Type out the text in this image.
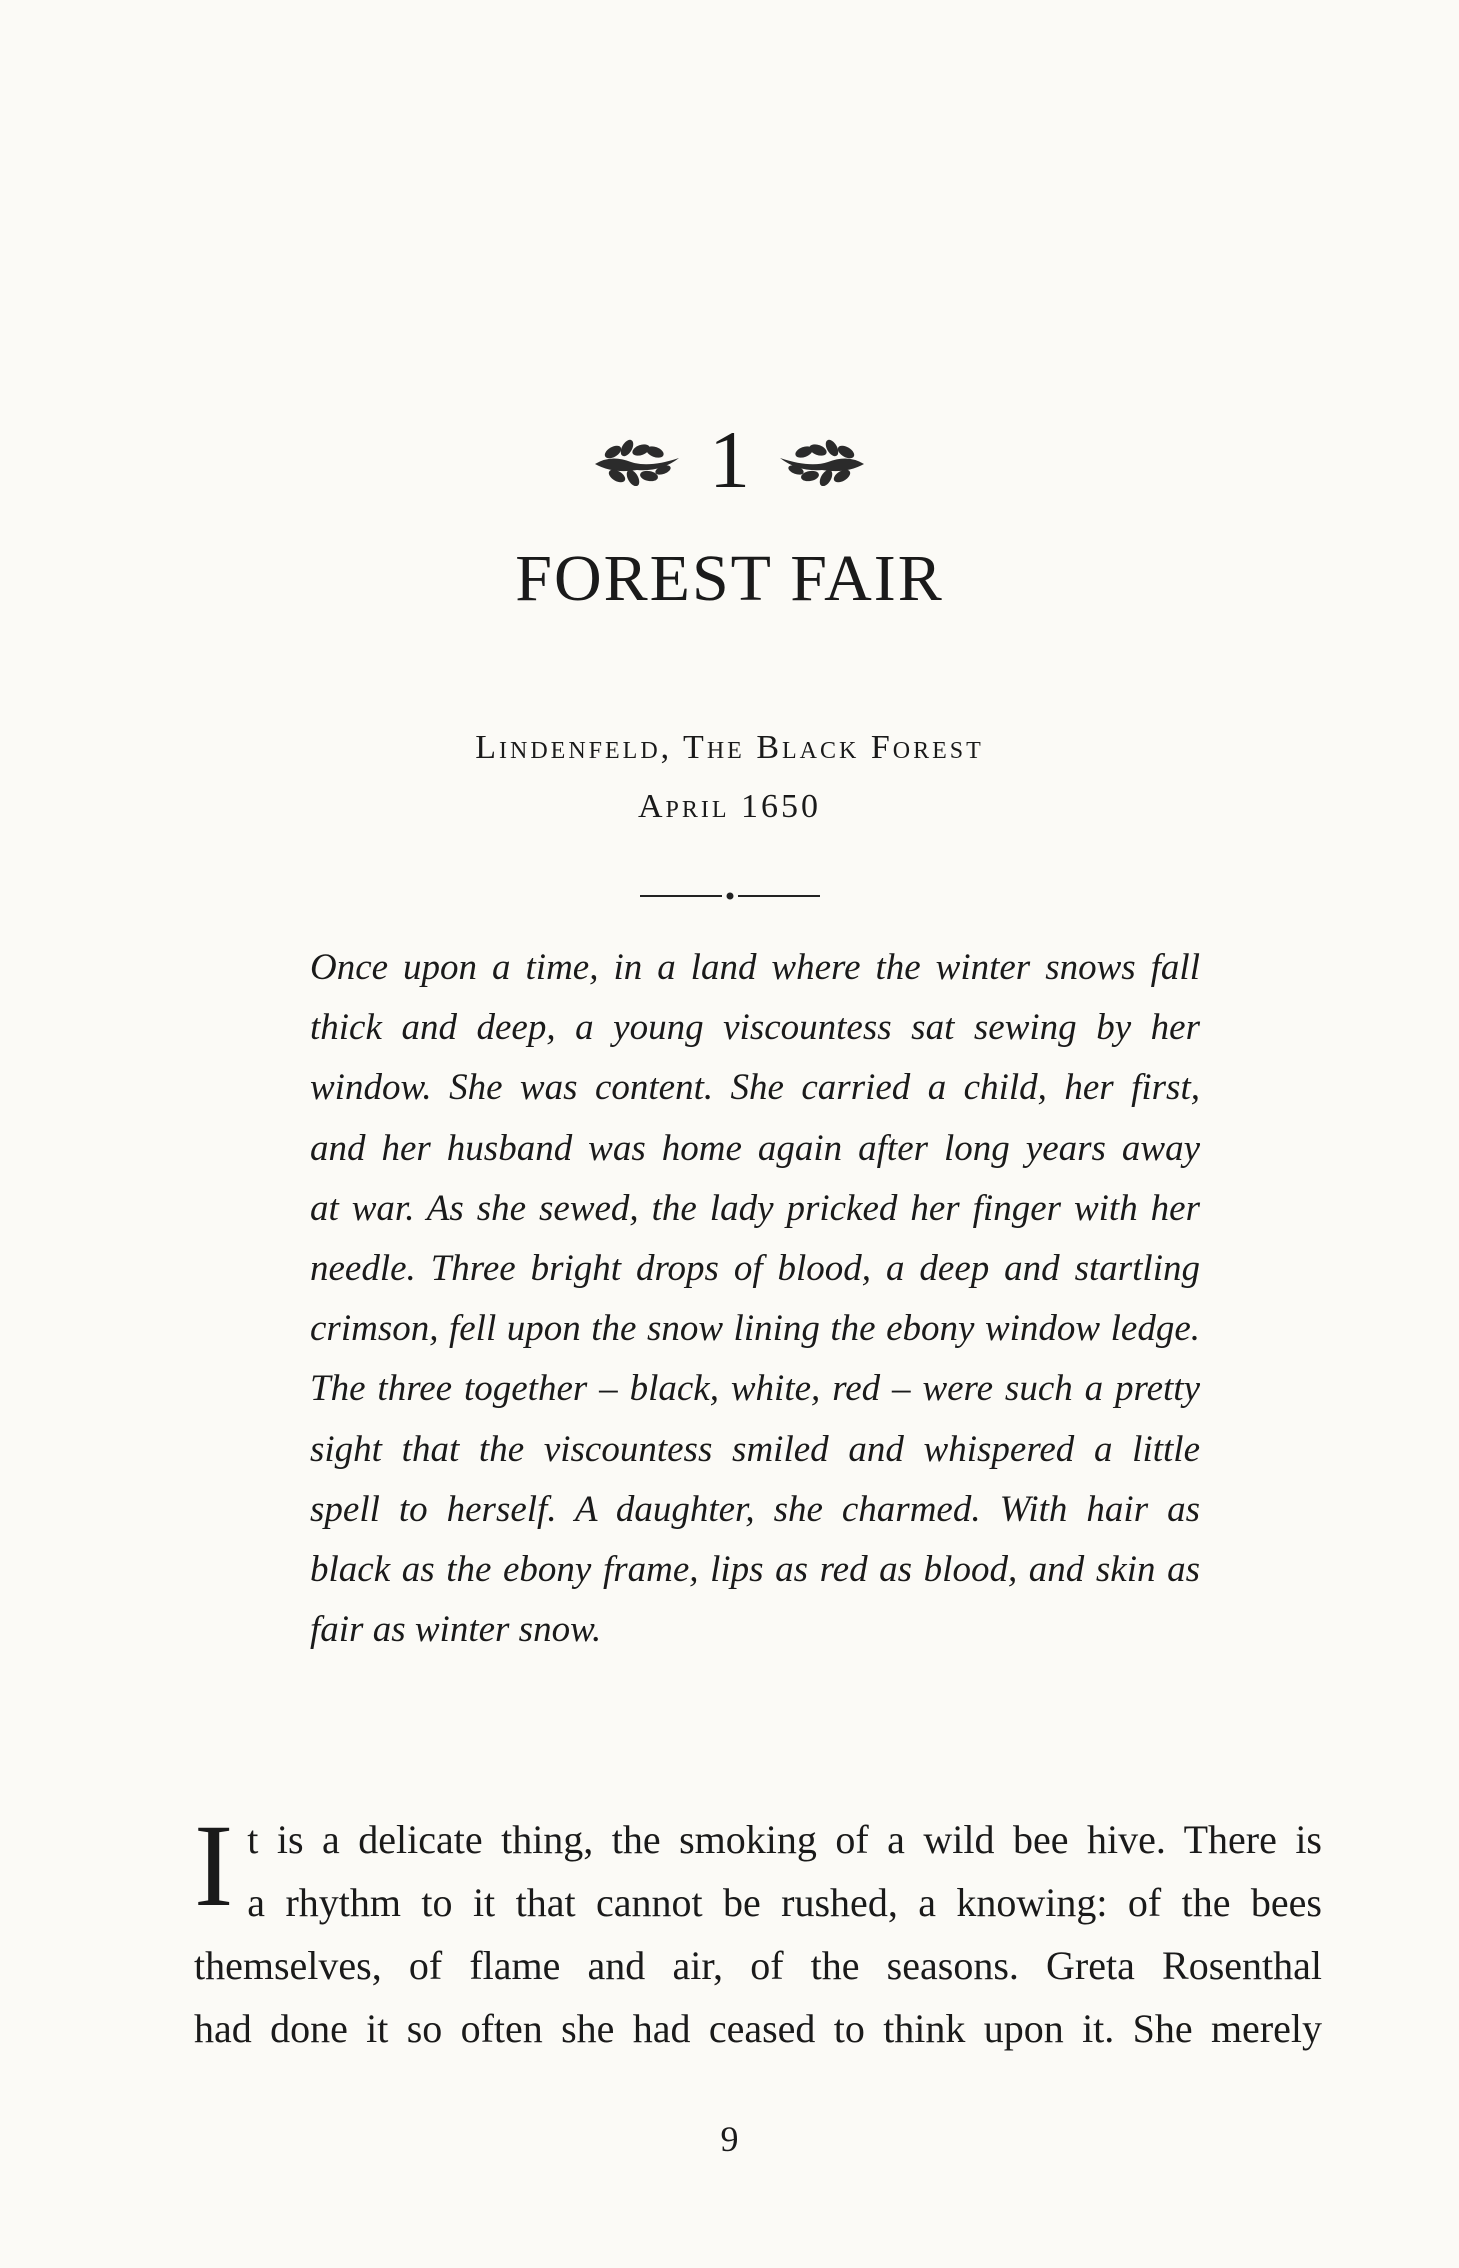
1
FOREST FAIR
Lindenfeld, The Black Forest
April 1650
Once upon a time, in a land where the winter snows fall
thick and deep, a young viscountess sat sewing by her
window. She was content. She carried a child, her first,
and her husband was home again after long years away
at war. As she sewed, the lady pricked her finger with her
needle. Three bright drops of blood, a deep and startling
crimson, fell upon the snow lining the ebony window ledge.
The three together – black, white, red – were such a pretty
sight that the viscountess smiled and whispered a little
spell to herself. A daughter, she charmed. With hair as
black as the ebony frame, lips as red as blood, and skin as
fair as winter snow.
I t is a delicate thing, the smoking of a wild bee hive. There is
a rhythm to it that cannot be rushed, a knowing: of the bees
themselves, of flame and air, of the seasons. Greta Rosenthal
had done it so often she had ceased to think upon it. She merely
9
